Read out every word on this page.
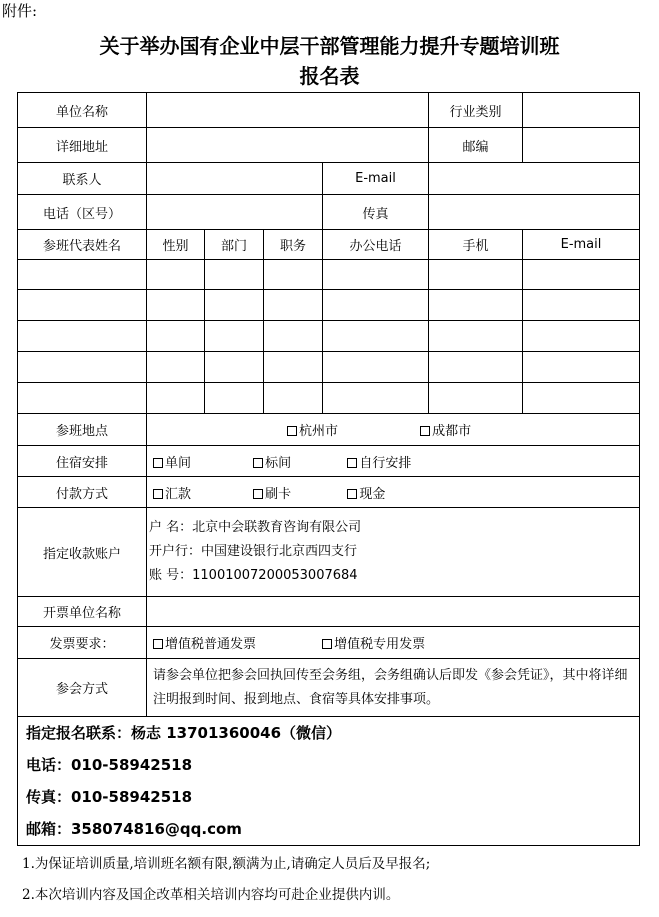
附件:
关于举办国有企业中层干部管理能力提升专题培训班
报名表
单位名称					行业类别	
详细地址					邮编	
联系人				E-mail		
电话（区号）				传真		
参班代表姓名	性别	部门	职务	办公电话	手机	E-mail

参班地点	杭州市 成都市					
住宿安排	单间 标间 自行安排					
付款方式	汇款 刷卡 现金					
指定收款账户	户 名：北京中会联教育咨询有限公司
开户行：中国建设银行北京西四支行
账 号：11001007200053007684					

开票单位名称						
发票要求：	增值税普通发票 增值税专用发票					
参会方式	请参会单位把参会回执回传至会务组，会务组确认后即发《参会凭证》，其中将详细注明报到时间、报到地点、食宿等具体安排事项。					

指定报名联系：杨志 13701360046（微信）
电话：010-58942518
传真：010-58942518
邮箱：358074816@qq.com						
1.为保证培训质量,培训班名额有限,额满为止,请确定人员后及早报名;
2.本次培训内容及国企改革相关培训内容均可赴企业提供内训。
